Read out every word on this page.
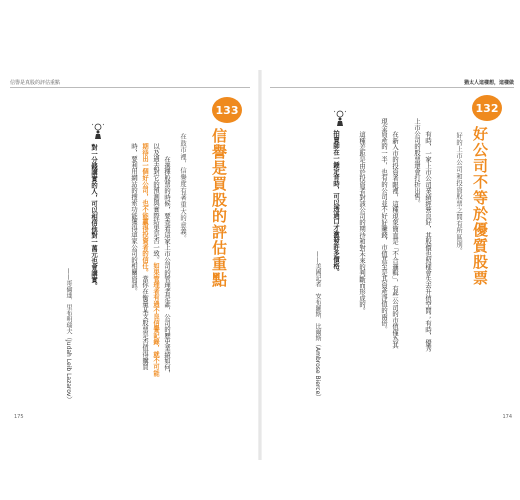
信譽是真股的評估重點
133
信譽是買股的評估重點
在鼓市裡，信譽度有著重大的意義。

在選擇股票的時候，要查看這家上市公司的管理者是誰，公司的歷史業績如何，以及過去對它的預測與實際結果是否一致。如果管理者有過不良信譽記錄，就不可能期待出一個好公司，也不能贏得投資者的信任。當你在衡量某支股票是否值得購買時，要利用網站的搜索功能獲得這家公司的相關資訊。

對一分錢講實的人，可以相信他對一萬元也會講實。
——哥倫達．里布明瑞夫（Judah Leib Lazarov）
175
猶太人這樣想，這樣做
132
好公司不等於優質股票
好的上市公司和投資股票之間有所區別。

有時，一家上市公司業績經營良好，其股價也照樣會失去升值空間；有時，優秀上市公司的股票還會打折出售。

在新入市的投資者眼裡，這種現象簡直是「不合邏輯」，有些公司的市值僅為其現金資產的一半，也有的公司並不好好賺錢，市值甚至是其資產淨值的兩倍。

這種差距是由於投資者對該公司的期待和對未來的判斷而形成的。

拍賣師在一錘定音時，可以透過口才激發許多價格。
——美國記者　安布羅斯．比爾斯（Ambrose Bierce）
174
